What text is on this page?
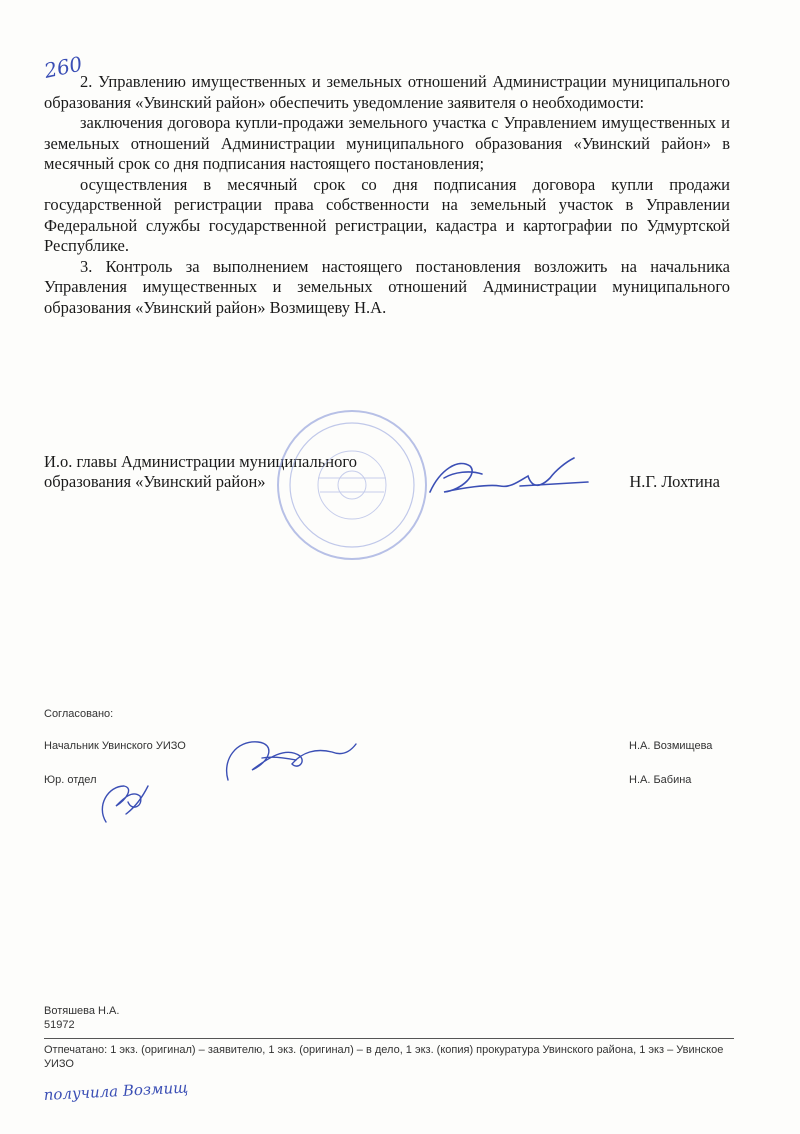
2. Управлению имущественных и земельных отношений Администрации муниципального образования «Увинский район» обеспечить уведомление заявителя о необходимости:

заключения договора купли-продажи земельного участка с Управлением имущественных и земельных отношений Администрации муниципального образования «Увинский район» в месячный срок со дня подписания настоящего постановления;

осуществления в месячный срок со дня подписания договора купли продажи государственной регистрации права собственности на земельный участок в Управлении Федеральной службы государственной регистрации, кадастра и картографии по Удмуртской Республике.

3. Контроль за выполнением настоящего постановления возложить на начальника Управления имущественных и земельных отношений Администрации муниципального образования «Увинский район» Возмищеву Н.А.

И.о. главы Администрации муниципального
образования «Увинский район»	Н.Г. Лохтина
Согласовано:
Начальник Увинского УИЗО	Н.А. Возмищева
Юр. отдел	Н.А. Бабина
Вотяшева Н.А.
51972
Отпечатано: 1 экз. (оригинал) – заявителю, 1 экз. (оригинал) – в дело, 1 экз. (копия) прокуратура Увинского района, 1 экз – Увинское УИЗО
260
получила Возмищ
